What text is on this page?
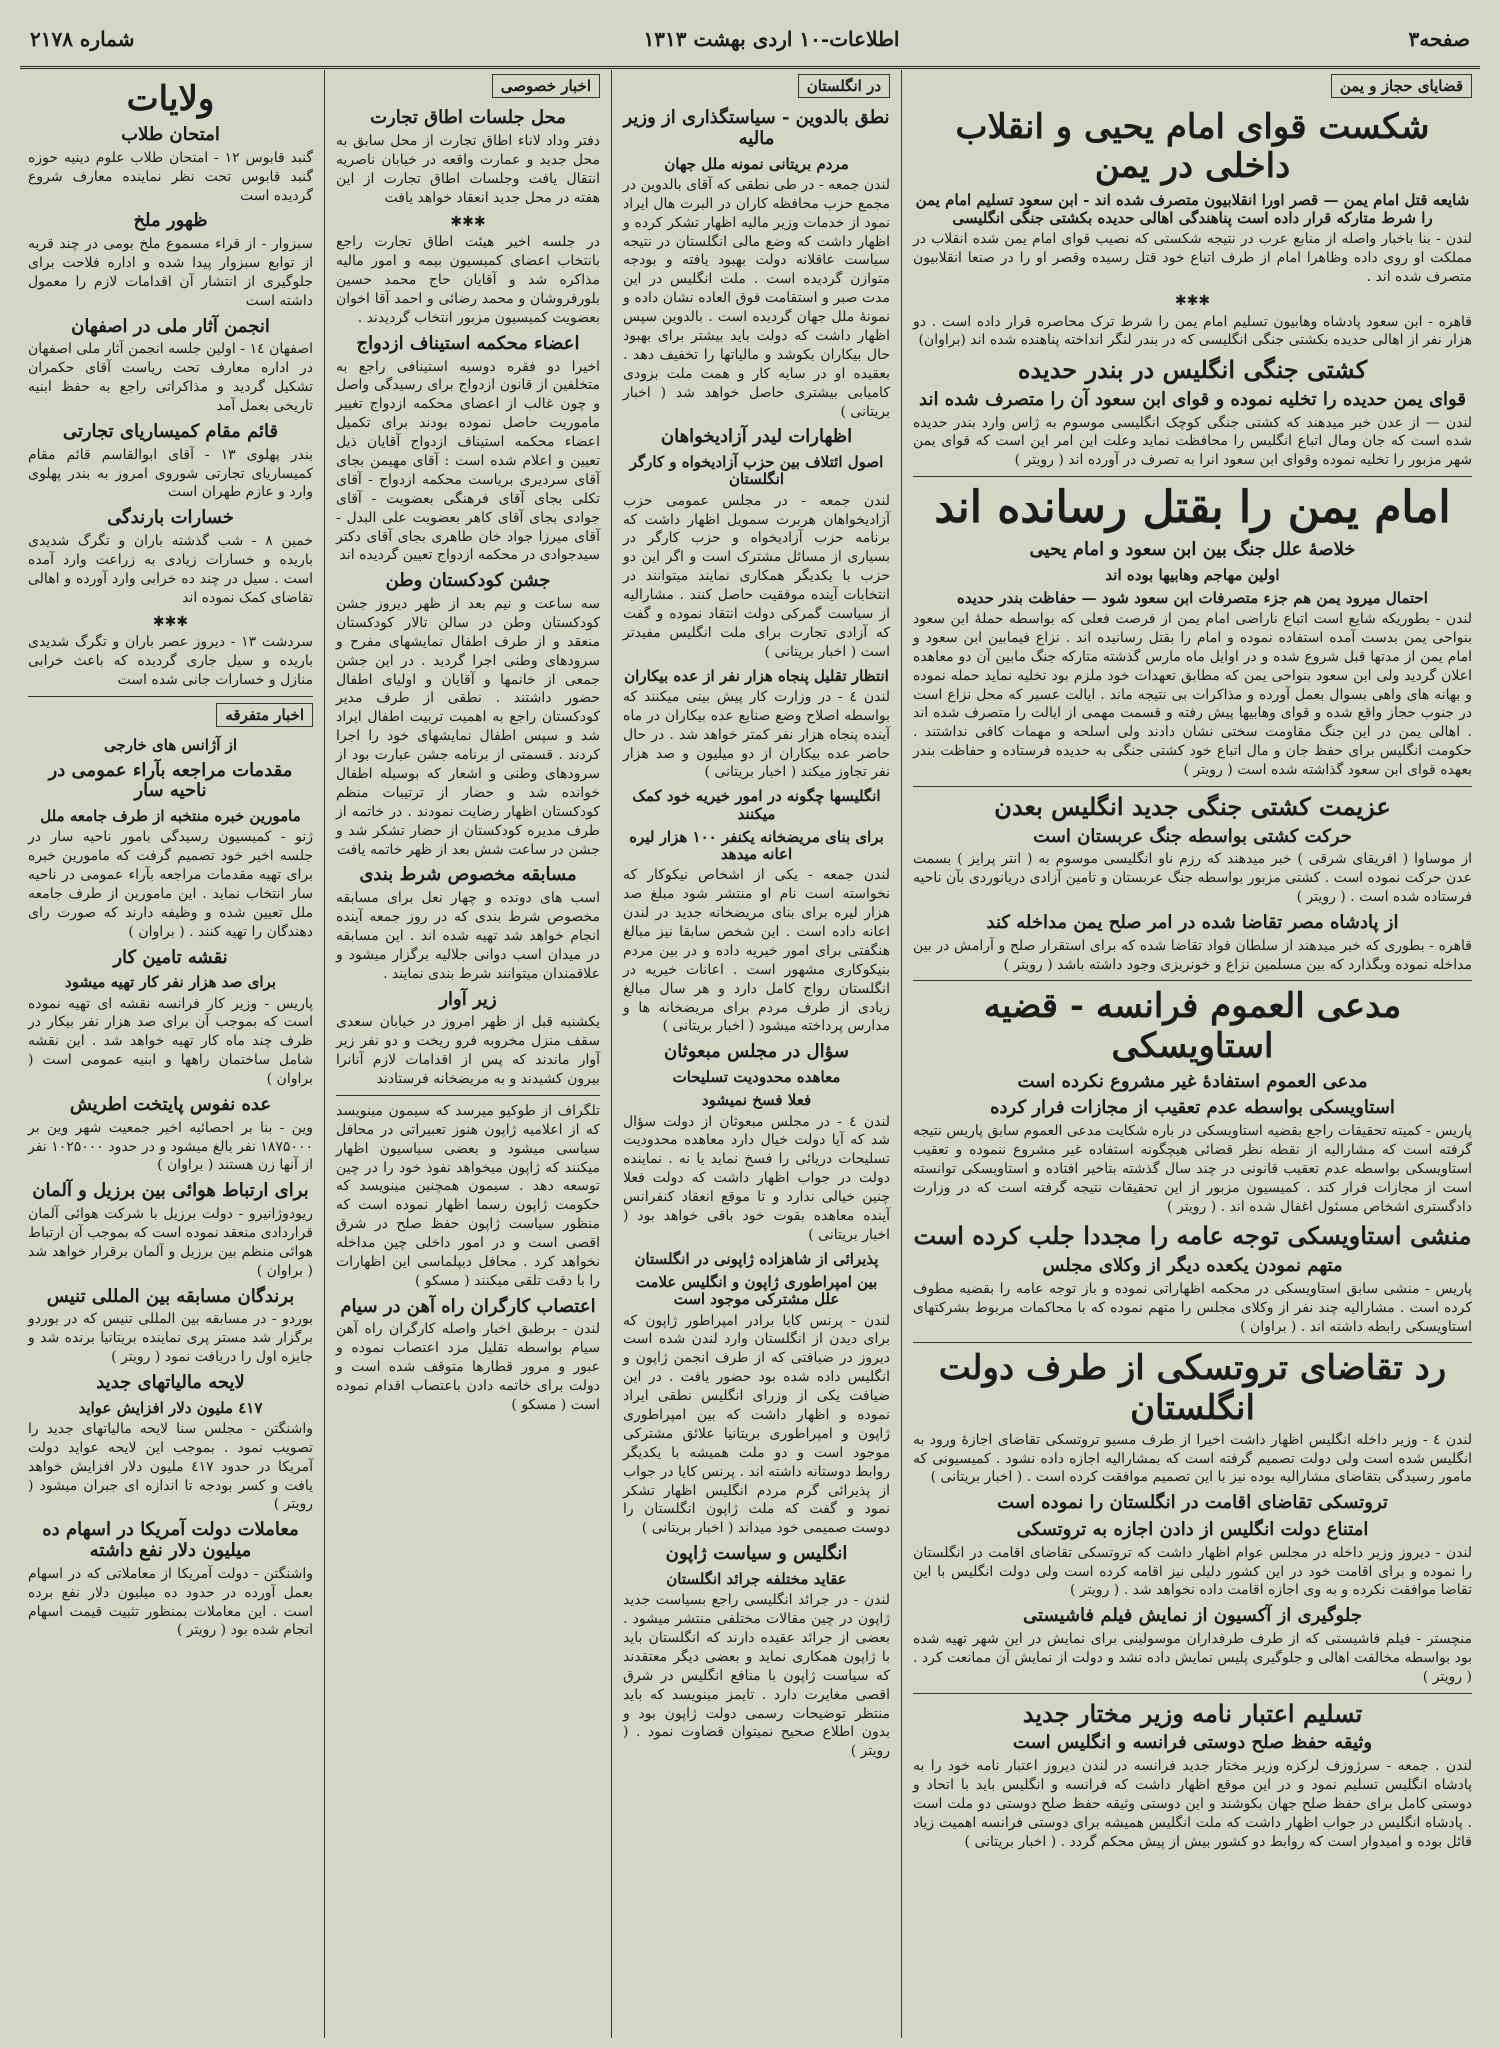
صفحه۳
اطلاعات-۱۰ اردی بهشت ۱۳۱۳
شماره ۲۱۷۸
قضایای حجاز و یمن
شکست قوای امام یحیی و انقلاب داخلی در یمن
شایعه قتل امام یمن — قصر اورا انقلابیون متصرف شده اند - ابن سعود تسلیم امام یمن را شرط متارکه قرار داده است پناهندگی اهالی حدیده بکشتی جنگی انگلیسی

لندن - بنا باخبار واصله از منابع عرب در نتیجه شکستی که نصیب قوای امام یمن شده انقلاب در مملکت او روی داده وظاهرا امام از طرف اتباع خود قتل رسیده وقصر او را در صنعا انقلابیون متصرف شده اند .

✱✱✱

قاهره - ابن سعود پادشاه وهابیون تسلیم امام یمن را شرط ترک محاصره قرار داده است . دو هزار نفر از اهالی حدیده بکشتی جنگی انگلیسی که در بندر لنگر انداخته پناهنده شده اند (براوان)

کشتی جنگی انگلیس در بندر حدیده
قوای یمن حدیده را تخلیه نموده و قوای ابن سعود آن را متصرف شده اند

لندن — از عدن خبر میدهند که کشتی جنگی کوچک انگلیسی موسوم به ژاس وارد بندر حدیده شده است که جان ومال اتباع انگلیس را محافظت نماید وعلت این امر این است که قوای یمن شهر مزبور را تخلیه نموده وقوای ابن سعود انرا به تصرف در آورده اند ( رویتر )

امام یمن را بقتل رسانده اند
خلاصهٔ علل جنگ بین ابن سعود و امام یحیی
اولین مهاجم وهابیها بوده اند
احتمال میرود یمن هم جزء متصرفات ابن سعود شود — حفاظت بندر حدیده

لندن - بطوریکه شایع است اتباع ناراضی امام یمن از فرصت فعلی که بواسطه حملهٔ ابن سعود بنواحی یمن بدست آمده استفاده نموده و امام را بقتل رسانیده اند . نزاع فیمابین ابن سعود و امام یمن از مدتها قبل شروع شده و در اوایل ماه مارس گذشته متارکه جنگ مابین آن دو معاهده اعلان گردید ولی ابن سعود بنواحی یمن که مطابق تعهدات خود ملزم بود تخلیه نماید حمله نموده و بهانه های واهی بسوال بعمل آورده و مذاکرات بی نتیجه ماند . ایالت عسیر که محل نزاع است در جنوب حجاز واقع شده و قوای وهابیها پیش رفته و قسمت مهمی از ایالت را متصرف شده اند . اهالی یمن در این جنگ مقاومت سختی نشان دادند ولی اسلحه و مهمات کافی نداشتند . حکومت انگلیس برای حفظ جان و مال اتباع خود کشتی جنگی به حدیده فرستاده و حفاظت بندر بعهده قوای ابن سعود گذاشته شده است ( رویتر )

عزیمت کشتی جنگی جدید انگلیس بعدن
حرکت کشتی بواسطه جنگ عربستان است

از موساوا ( افریقای شرقی ) خبر میدهند که رزم ناو انگلیسی موسوم به ( انتر پرایز ) بسمت عدن حرکت نموده است . کشتی مزبور بواسطه جنگ عربستان و تامین آزادی دریانوردی بآن ناحیه فرستاده شده است . ( رویتر )

از پادشاه مصر تقاضا شده در امر صلح یمن مداخله کند

قاهره - بطوری که خبر میدهند از سلطان فواد تقاضا شده که برای استقرار صلح و آرامش در بین مداخله نموده وبگذارد که بین مسلمین نزاع و خونریزی وجود داشته باشد ( رویتر )

مدعی العموم فرانسه - قضیه استاویسکی
مدعی العموم استفادهٔ غیر مشروع نکرده است
استاویسکی بواسطه عدم تعقیب از مجازات فرار کرده

پاریس - کمیته تحقیقات راجع بقضیه استاویسکی در باره شکایت مدعی العموم سابق پاریس نتیجه گرفته است که مشارالیه از نقطه نظر قضائی هیچگونه استفاده غیر مشروع ننموده و تعقیب استاویسکی بواسطه عدم تعقیب قانونی در چند سال گذشته بتاخیر افتاده و استاویسکی توانسته است از مجازات فرار کند . کمیسیون مزبور از این تحقیقات نتیجه گرفته است که در وزارت دادگستری اشخاص مسئول اغفال شده اند . ( رویتر )

منشی استاویسکی توجه عامه را مجددا جلب کرده است
متهم نمودن یکعده دیگر از وکلای مجلس

پاریس - منشی سابق استاویسکی در محکمه اظهاراتی نموده و باز توجه عامه را بقضیه مطوف کرده است . مشارالیه چند نفر از وکلای مجلس را متهم نموده که با محاکمات مربوط بشرکتهای استاویسکی رابطه داشته اند . ( براوان )

رد تقاضای تروتسکی از طرف دولت انگلستان

لندن ٤ - وزیر داخله انگلیس اظهار داشت اخیرا از طرف مسیو تروتسکی تقاضای اجازهٔ ورود به انگلیس شده است ولی دولت تصمیم گرفته است که بمشارالیه اجازه داده نشود . کمیسیونی که مامور رسیدگی بتقاضای مشارالیه بوده نیز با این تصمیم موافقت کرده است . ( اخبار بریتانی )

تروتسکی تقاضای اقامت در انگلستان را نموده است
امتناع دولت انگلیس از دادن اجازه به تروتسکی

لندن - دیروز وزیر داخله در مجلس عوام اظهار داشت که تروتسکی تقاضای اقامت در انگلستان را نموده و برای اقامت خود در این کشور دلیلی نیز اقامه کرده است ولی دولت انگلیس با این تقاضا موافقت نکرده و به وی اجازه اقامت داده نخواهد شد . ( رویتر )

جلوگیری از آکسیون از نمایش فیلم فاشیستی

منچستر - فیلم فاشیستی که از طرف طرفداران موسولینی برای نمایش در این شهر تهیه شده بود بواسطه مخالفت اهالی و جلوگیری پلیس نمایش داده نشد و دولت از نمایش آن ممانعت کرد . ( رویتر )

تسلیم اعتبار نامه وزیر مختار جدید
وثیقه حفظ صلح دوستی فرانسه و انگلیس است

لندن . جمعه - سرژوزف لرکزه وزیر مختار جدید فرانسه در لندن دیروز اعتبار نامه خود را به پادشاه انگلیس تسلیم نمود و در این موقع اظهار داشت که فرانسه و انگلیس باید با اتحاد و دوستی کامل برای حفظ صلح جهان بکوشند و این دوستی وثیقه حفظ صلح دوستی دو ملت است . پادشاه انگلیس در جواب اظهار داشت که ملت انگلیس همیشه برای دوستی فرانسه اهمیت زیاد قائل بوده و امیدوار است که روابط دو کشور بیش از پیش محکم گردد . ( اخبار بریتانی )

در انگلستان
نطق بالدوین - سیاستگذاری از وزیر مالیه
مردم بریتانی نمونه ملل جهان

لندن جمعه - در طی نطقی که آقای بالدوین در مجمع حزب محافظه کاران در البرت هال ایراد نمود از خدمات وزیر مالیه اظهار تشکر کرده و اظهار داشت که وضع مالی انگلستان در نتیجه سیاست عاقلانه دولت بهبود یافته و بودجه متوازن گردیده است . ملت انگلیس در این مدت صبر و استقامت فوق العاده نشان داده و نمونهٔ ملل جهان گردیده است . بالدوین سپس اظهار داشت که دولت باید بیشتر برای بهبود حال بیکاران بکوشد و مالیاتها را تخفیف دهد . بعقیده او در سایه کار و همت ملت بزودی کامیابی بیشتری حاصل خواهد شد ( اخبار بریتانی )

اظهارات لیدر آزادیخواهان
اصول ائتلاف بین حزب آزادیخواه و کارگر انگلستان

لندن جمعه - در مجلس عمومی حزب آزادیخواهان هربرت سمویل اظهار داشت که برنامه حزب آزادیخواه و حزب کارگر در بسیاری از مسائل مشترک است و اگر این دو حزب با یکدیگر همکاری نمایند میتوانند در انتخابات آینده موفقیت حاصل کنند . مشارالیه از سیاست گمرکی دولت انتقاد نموده و گفت که آزادی تجارت برای ملت انگلیس مفیدتر است ( اخبار بریتانی )

انتظار تقلیل پنجاه هزار نفر از عده بیکاران

لندن ٤ - در وزارت کار پیش بینی میکنند که بواسطه اصلاح وضع صنایع عده بیکاران در ماه آینده پنجاه هزار نفر کمتر خواهد شد . در حال حاضر عده بیکاران از دو میلیون و صد هزار نفر تجاوز میکند ( اخبار بریتانی )

انگلیسها چگونه در امور خیریه خود کمک میکنند
برای بنای مریضخانه یکنفر ۱۰۰ هزار لیره اعانه میدهد

لندن جمعه - یکی از اشخاص نیکوکار که نخواسته است نام او منتشر شود مبلغ صد هزار لیره برای بنای مریضخانه جدید در لندن اعانه داده است . این شخص سابقا نیز مبالغ هنگفتی برای امور خیریه داده و در بین مردم بنیکوکاری مشهور است . اعانات خیریه در انگلستان رواج کامل دارد و هر سال مبالغ زیادی از طرف مردم برای مریضخانه ها و مدارس پرداخته میشود ( اخبار بریتانی )

سؤال در مجلس مبعوثان
معاهده محدودیت تسلیحات
فعلا فسخ نمیشود

لندن ٤ - در مجلس مبعوثان از دولت سؤال شد که آیا دولت خیال دارد معاهده محدودیت تسلیحات دریائی را فسخ نماید یا نه . نماینده دولت در جواب اظهار داشت که دولت فعلا چنین خیالی ندارد و تا موقع انعقاد کنفرانس آینده معاهده بقوت خود باقی خواهد بود ( اخبار بریتانی )

پذیرائی از شاهزاده ژاپونی در انگلستان
بین امپراطوری ژاپون و انگلیس علامت علل مشترکی موجود است

لندن - پرنس کایا برادر امپراطور ژاپون که برای دیدن از انگلستان وارد لندن شده است دیروز در ضیافتی که از طرف انجمن ژاپون و انگلیس داده شده بود حضور یافت . در این ضیافت یکی از وزرای انگلیس نطقی ایراد نموده و اظهار داشت که بین امپراطوری ژاپون و امپراطوری بریتانیا علائق مشترکی موجود است و دو ملت همیشه با یکدیگر روابط دوستانه داشته اند . پرنس کایا در جواب از پذیرائی گرم مردم انگلیس اظهار تشکر نمود و گفت که ملت ژاپون انگلستان را دوست صمیمی خود میداند ( اخبار بریتانی )

انگلیس و سیاست ژاپون
عقاید مختلفه جرائد انگلستان

لندن - در جرائد انگلیسی راجع بسیاست جدید ژاپون در چین مقالات مختلفی منتشر میشود . بعضی از جرائد عقیده دارند که انگلستان باید با ژاپون همکاری نماید و بعضی دیگر معتقدند که سیاست ژاپون با منافع انگلیس در شرق اقصی مغایرت دارد . تایمز مینویسد که باید منتظر توضیحات رسمی دولت ژاپون بود و بدون اطلاع صحیح نمیتوان قضاوت نمود . ( رویتر )

اخبار خصوصی
محل جلسات اطاق تجارت

دفتر وداد لاناء اطاق تجارت از محل سابق به محل جدید و عمارت واقعه در خیابان ناصریه انتقال یافت وجلسات اطاق تجارت از این هفته در محل جدید انعقاد خواهد یافت

✱✱✱

در جلسه اخیر هیئت اطاق تجارت راجع بانتخاب اعضای کمیسیون بیمه و امور مالیه مذاکره شد و آقایان حاج محمد حسین بلورفروشان و محمد رضائی و احمد آقا اخوان بعضویت کمیسیون مزبور انتخاب گردیدند .

اعضاء محکمه استیناف ازدواج

اخیرا دو فقره دوسیه استینافی راجع به متخلفین از قانون ازدواج برای رسیدگی واصل و چون غالب از اعضای محکمه ازدواج تغییر ماموریت حاصل نموده بودند برای تکمیل اعضاء محکمه استیناف ازدواج آقایان ذیل تعیین و اعلام شده است : آقای مهیمن بجای آقای سردیری برياست محکمه ازدواج - آقای تکلی بجای آقای فرهنگی بعضویت - آقای جوادی بجای آقای کاهر بعضویت علی البدل - آقای میرزا جواد خان طاهری بجای آقای دکتر سیدجوادی در محکمه ازدواج تعیین گردیده اند

جشن کودکستان وطن

سه ساعت و نیم بعد از ظهر دیروز جشن کودکستان وطن در سالن تالار کودکستان منعقد و از طرف اطفال نمایشهای مفرح و سرودهای وطنی اجرا گردید . در این جشن جمعی از خانمها و آقایان و اولیای اطفال حضور داشتند . نطقی از طرف مدیر کودکستان راجع به اهمیت تربیت اطفال ایراد شد و سپس اطفال نمایشهای خود را اجرا کردند . قسمتی از برنامه جشن عبارت بود از سرودهای وطنی و اشعار که بوسیله اطفال خوانده شد و حضار از ترتیبات منظم کودکستان اظهار رضایت نمودند . در خاتمه از طرف مدیره کودکستان از حضار تشکر شد و جشن در ساعت شش بعد از ظهر خاتمه یافت

مسابقه مخصوص شرط بندی

اسب های دونده و چهار نعل برای مسابقه مخصوص شرط بندی که در روز جمعه آینده انجام خواهد شد تهیه شده اند . این مسابقه در میدان اسب دوانی جلالیه برگزار میشود و علاقمندان میتوانند شرط بندی نمایند .

زیر آوار

یکشنبه قبل از ظهر امروز در خیابان سعدی سقف منزل مخروبه فرو ریخت و دو نفر زیر آوار ماندند که پس از اقدامات لازم آنانرا بیرون کشیدند و به مریضخانه فرستادند

تلگراف از طوکیو میرسد که سیمون مینویسد که از اعلامیه ژاپون هنوز تعبیراتی در محافل سیاسی میشود و بعضی سیاسیون اظهار میکنند که ژاپون میخواهد نفوذ خود را در چین توسعه دهد . سیمون همچنین مینویسد که حکومت ژاپون رسما اظهار نموده است که منظور سیاست ژاپون حفظ صلح در شرق اقصی است و در امور داخلی چین مداخله نخواهد کرد . محافل دیپلماسی این اظهارات را با دقت تلقی میکنند ( مسکو )

اعتصاب کارگران راه آهن در سیام

لندن - برطبق اخبار واصله کارگران راه آهن سیام بواسطه تقلیل مزد اعتصاب نموده و عبور و مرور قطارها متوقف شده است و دولت برای خاتمه دادن باعتصاب اقدام نموده است ( مسکو )

ولایات
امتحان طلاب

گنبد قابوس ۱۲ - امتحان طلاب علوم دینیه حوزه گنبد قابوس تحت نظر نماینده معارف شروع گردیده است

ظهور ملخ

سبزوار - از قراء مسموع ملخ بومی در چند قریه از توابع سبزوار پیدا شده و اداره فلاحت برای جلوگیری از انتشار آن اقدامات لازم را معمول داشته است

انجمن آثار ملی در اصفهان

اصفهان ۱٤ - اولین جلسه انجمن آثار ملی اصفهان در اداره معارف تحت ریاست آقای حکمران تشکیل گردید و مذاکراتی راجع به حفظ ابنیه تاریخی بعمل آمد

قائم مقام کمیساریای تجارتی

بندر پهلوی ۱۳ - آقای ابوالقاسم قائم مقام کمیساریای تجارتی شوروی امروز به بندر پهلوی وارد و عازم طهران است

خسارات بارندگی

خمین ۸ - شب گذشته باران و تگرگ شدیدی باریده و خسارات زیادی به زراعت وارد آمده است . سیل در چند ده خرابی وارد آورده و اهالی تقاضای کمک نموده اند

✱✱✱

سردشت ۱۳ - دیروز عصر باران و تگرگ شدیدی باریده و سیل جاری گردیده که باعث خرابی منازل و خسارات جانی شده است

اخبار متفرقه
از آژانس های خارجی
مقدمات مراجعه بآراء عمومی در ناحیه سار
مامورین خبره منتخبه از طرف جامعه ملل

ژنو - کمیسیون رسیدگی بامور ناحیه سار در جلسه اخیر خود تصمیم گرفت که مامورین خبره برای تهیه مقدمات مراجعه بآراء عمومی در ناحیه سار انتخاب نماید . این مامورین از طرف جامعه ملل تعیین شده و وظیفه دارند که صورت رای دهندگان را تهیه کنند . ( براوان )

نقشه تامین کار
برای صد هزار نفر کار تهیه میشود

پاریس - وزیر کار فرانسه نقشه ای تهیه نموده است که بموجب آن برای صد هزار نفر بیکار در ظرف چند ماه کار تهیه خواهد شد . این نقشه شامل ساختمان راهها و ابنیه عمومی است ( براوان )

عده نفوس پایتخت اطریش

وین - بنا بر احصائیه اخیر جمعیت شهر وین بر ۱۸۷۵۰۰۰ نفر بالغ میشود و در حدود ۱۰۲۵۰۰۰ نفر از آنها زن هستند ( براوان )

برای ارتباط هوائی بین برزیل و آلمان

ریودوژانیرو - دولت برزیل با شرکت هوائی آلمان قراردادی منعقد نموده است که بموجب آن ارتباط هوائی منظم بین برزیل و آلمان برقرار خواهد شد ( براوان )

برندگان مسابقه بین المللی تنیس

بوردو - در مسابقه بین المللی تنیس که در بوردو برگزار شد مستر پری نماینده بریتانیا برنده شد و جایزه اول را دریافت نمود ( رویتر )

لایحه مالیاتهای جدید
٤۱۷ ملیون دلار افزایش عواید

واشنگتن - مجلس سنا لایحه مالیاتهای جدید را تصویب نمود . بموجب این لایحه عواید دولت آمریکا در حدود ٤۱۷ ملیون دلار افزایش خواهد یافت و کسر بودجه تا اندازه ای جبران میشود ( رویتر )

معاملات دولت آمریکا در اسهام ده میلیون دلار نفع داشته

واشنگتن - دولت آمریکا از معاملاتی که در اسهام بعمل آورده در حدود ده میلیون دلار نفع برده است . این معاملات بمنظور تثبیت قیمت اسهام انجام شده بود ( رویتر )
